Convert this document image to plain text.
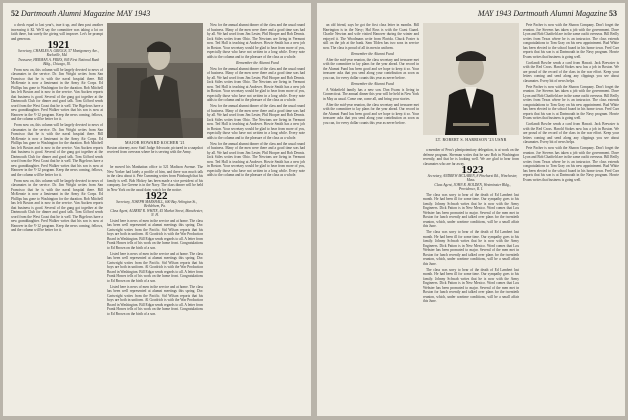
52 Dartmouth Alumni Magazine MAY 1943

a check equal to last year's, true it up, and then post another increasing it $2. We'll say the committee was taking a lot on faith there, but surely the giving will improve. Let's be prompt and generous.	1921

Secretary, CHARLES A. GRIGGS, 57 Montgomery Ave., Rockville, Md.

Treasurer, HERMAN A. FRIES, 805 First National Bank Bldg., Chicago, Ill.

From now on, this column will be largely devoted to news of classmates in the service. Dr. Jim Wright writes from San Francisco that he is with the naval hospital there. Bill McKenzie is now a lieutenant in the Army Air Corps. Ed Phillips has gone to Washington for the duration. Bob Mitchell has left Boston and is now in the service. Van Aucken reports that business is good. Several of the gang got together at the Dartmouth Club for dinner and good talk. Tom Gifford sends word from the West Coast that he is well. The Bigelows have a new granddaughter. Fred Walker writes that his son is now at Hanover in the V-12 program. Keep the news coming, fellows, and the column will be better for it.

From now on, this column will be largely devoted to news of classmates in the service. Dr. Jim Wright writes from San Francisco that he is with the naval hospital there. Bill McKenzie is now a lieutenant in the Army Air Corps. Ed Phillips has gone to Washington for the duration. Bob Mitchell has left Boston and is now in the service. Van Aucken reports that business is good. Several of the gang got together at the Dartmouth Club for dinner and good talk. Tom Gifford sends word from the West Coast that he is well. The Bigelows have a new granddaughter. Fred Walker writes that his son is now at Hanover in the V-12 program. Keep the news coming, fellows, and the column will be better for it.

From now on, this column will be largely devoted to news of classmates in the service. Dr. Jim Wright writes from San Francisco that he is with the naval hospital there. Bill McKenzie is now a lieutenant in the Army Air Corps. Ed Phillips has gone to Washington for the duration. Bob Mitchell has left Boston and is now in the service. Van Aucken reports that business is good. Several of the gang got together at the Dartmouth Club for dinner and good talk. Tom Gifford sends word from the West Coast that he is well. The Bigelows have a new granddaughter. Fred Walker writes that his son is now at Hanover in the V-12 program. Keep the news coming, fellows, and the column will be better for it.

MAJOR HOWARD KOCHER '21
Boston attorney, now Staff Judge Advocate, pictured in a snapshot received from overseas where he is serving with the Army.

he moved his Manhattan office to 521 Madison Avenue. The New Yorker had lately a profile of him, and there was much talk in the class about it. Pete Cumming writes from Pittsburgh that his family is well. Bob Hickey has been made a vice president of his company. Joe Greene is in the Navy. The class dinner will be held in New York on the usual date; watch for the notice.

1922

Secretary, JOSEPH MARSHALL, 600 Bay Arlington St., Bethlehem, Pa.

Class Agent, ALBERT R. WHITE, 45 Market Street, Manchester, N. H.

Listed here is news of men in the service and at home. The class has been well represented at alumni meetings this spring. Doc Cartwright writes from the Pacific. Sid Wilson reports that his boys are both in uniform. Al Goodrich is with the War Production Board in Washington. Bill Edgar sends regards to all. A letter from Frank Hawes tells of his work on the home front. Congratulations to Ed Brown on the birth of a son.

Listed here is news of men in the service and at home. The class has been well represented at alumni meetings this spring. Doc Cartwright writes from the Pacific. Sid Wilson reports that his boys are both in uniform. Al Goodrich is with the War Production Board in Washington. Bill Edgar sends regards to all. A letter from Frank Hawes tells of his work on the home front. Congratulations to Ed Brown on the birth of a son.

Listed here is news of men in the service and at home. The class has been well represented at alumni meetings this spring. Doc Cartwright writes from the Pacific. Sid Wilson reports that his boys are both in uniform. Al Goodrich is with the War Production Board in Washington. Bill Edgar sends regards to all. A letter from Frank Hawes tells of his work on the home front. Congratulations to Ed Brown on the birth of a son.

Now for the annual alumni dinner of the class and the usual round of business. Many of the men were there and a good time was had by all. We had word from Jim Lester, Phil Hooper and Bob Dennis. Jack Stiles writes from Ohio. The Newtons are living in Vermont now. Ted Hall is teaching at Andover. Howie Smith has a new job in Boston. Your secretary would be glad to hear from more of you, especially those who have not written in a long while. Every note adds to the column and to the pleasure of the class as a whole.

Remember the Alumni Fund

Now for the annual alumni dinner of the class and the usual round of business. Many of the men were there and a good time was had by all. We had word from Jim Lester, Phil Hooper and Bob Dennis. Jack Stiles writes from Ohio. The Newtons are living in Vermont now. Ted Hall is teaching at Andover. Howie Smith has a new job in Boston. Your secretary would be glad to hear from more of you, especially those who have not written in a long while. Every note adds to the column and to the pleasure of the class as a whole.

Now for the annual alumni dinner of the class and the usual round of business. Many of the men were there and a good time was had by all. We had word from Jim Lester, Phil Hooper and Bob Dennis. Jack Stiles writes from Ohio. The Newtons are living in Vermont now. Ted Hall is teaching at Andover. Howie Smith has a new job in Boston. Your secretary would be glad to hear from more of you, especially those who have not written in a long while. Every note adds to the column and to the pleasure of the class as a whole.

Now for the annual alumni dinner of the class and the usual round of business. Many of the men were there and a good time was had by all. We had word from Jim Lester, Phil Hooper and Bob Dennis. Jack Stiles writes from Ohio. The Newtons are living in Vermont now. Ted Hall is teaching at Andover. Howie Smith has a new job in Boston. Your secretary would be glad to hear from more of you, especially those who have not written in a long while. Every note adds to the column and to the pleasure of the class as a whole.

MAY 1943 Dartmouth Alumni Magazine 53

an old friend, says he got the first class letter in months. Bill Harrington is in the Navy; Hal Ross is with the Coast Guard. Charlie Newton and wife visited Hanover during the winter and enjoyed it. The Woodmans write from Florida. Chuck Foster is still on the job at the bank. Sam Tilden has two sons in service now. The class is proud of all its men in uniform.

Remember the Alumni Fund

After the mid-year reunion, the class secretary and treasurer met with the committee to lay plans for the year ahead. Our record in the Alumni Fund has been good and we hope to keep it so. Your treasurer asks that you send along your contribution as soon as you can, for every dollar counts this year as never before.

Remember the Alumni Fund

A Wakefield family has a new son. Don Evans is living in Connecticut. The annual dinner this year will be held in New York in May as usual. Come one, come all, and bring your stories.

After the mid-year reunion, the class secretary and treasurer met with the committee to lay plans for the year ahead. Our record in the Alumni Fund has been good and we hope to keep it so. Your treasurer asks that you send along your contribution as soon as you can, for every dollar counts this year as never before.

LT. ROBERT S. HARRISON '23 USNR

a member of Peru's plenipotentiary delegation, is at work on the defense program. Sherman writes that he saw Bob in Washington recently, and that he is looking well. We are glad to hear from classmates who are far away.

1923

Secretary, ANDREW MCLAREN, 8 Pinehurst Rd., Winchester, Mass.

Class Agent, JOHN R. HOLDEN, Westminster Bldg., Providence, R. I.

The class was sorry to hear of the death of Ed Lambert last month. He had been ill for some time. Our sympathy goes to his family. Johnny Schwab writes that he is now with the Army Engineers. Dick Patton is in New Mexico. Word comes that Lou Webster has been promoted to major. Several of the men met in Boston for lunch recently and talked over plans for the twentieth reunion, which, under wartime conditions, will be a small affair this June.

The class was sorry to hear of the death of Ed Lambert last month. He had been ill for some time. Our sympathy goes to his family. Johnny Schwab writes that he is now with the Army Engineers. Dick Patton is in New Mexico. Word comes that Lou Webster has been promoted to major. Several of the men met in Boston for lunch recently and talked over plans for the twentieth reunion, which, under wartime conditions, will be a small affair this June.

The class was sorry to hear of the death of Ed Lambert last month. He had been ill for some time. Our sympathy goes to his family. Johnny Schwab writes that he is now with the Army Engineers. Dick Patton is in New Mexico. Word comes that Lou Webster has been promoted to major. Several of the men met in Boston for lunch recently and talked over plans for the twentieth reunion, which, under wartime conditions, will be a small affair this June.

Pete Pacher is now with the Sharon Company. Don't forget the reunion. Joe Stevens has taken a job with the government. Dave Lyon and Bob Chatfield are in the same outfit overseas. Bill Reilly writes from Texas where he is an instructor. The class extends congratulations to Tom Gray on his new appointment. Bud White has been elected to the school board in his home town. Fred Carr reports that his son is at Dartmouth in the Navy program. Howie Evans writes that business is going well.

Cortlandt Bowler sends a card from Hawaii. Jack Brewster is with the Red Cross. Harold Stokes now has a job in Boston. We are proud of the record of the class in the war effort. Keep your letters coming and send along any clippings you see about classmates. Every bit of news helps.

Pete Pacher is now with the Sharon Company. Don't forget the reunion. Joe Stevens has taken a job with the government. Dave Lyon and Bob Chatfield are in the same outfit overseas. Bill Reilly writes from Texas where he is an instructor. The class extends congratulations to Tom Gray on his new appointment. Bud White has been elected to the school board in his home town. Fred Carr reports that his son is at Dartmouth in the Navy program. Howie Evans writes that business is going well.

Cortlandt Bowler sends a card from Hawaii. Jack Brewster is with the Red Cross. Harold Stokes now has a job in Boston. We are proud of the record of the class in the war effort. Keep your letters coming and send along any clippings you see about classmates. Every bit of news helps.

Pete Pacher is now with the Sharon Company. Don't forget the reunion. Joe Stevens has taken a job with the government. Dave Lyon and Bob Chatfield are in the same outfit overseas. Bill Reilly writes from Texas where he is an instructor. The class extends congratulations to Tom Gray on his new appointment. Bud White has been elected to the school board in his home town. Fred Carr reports that his son is at Dartmouth in the Navy program. Howie Evans writes that business is going well.
